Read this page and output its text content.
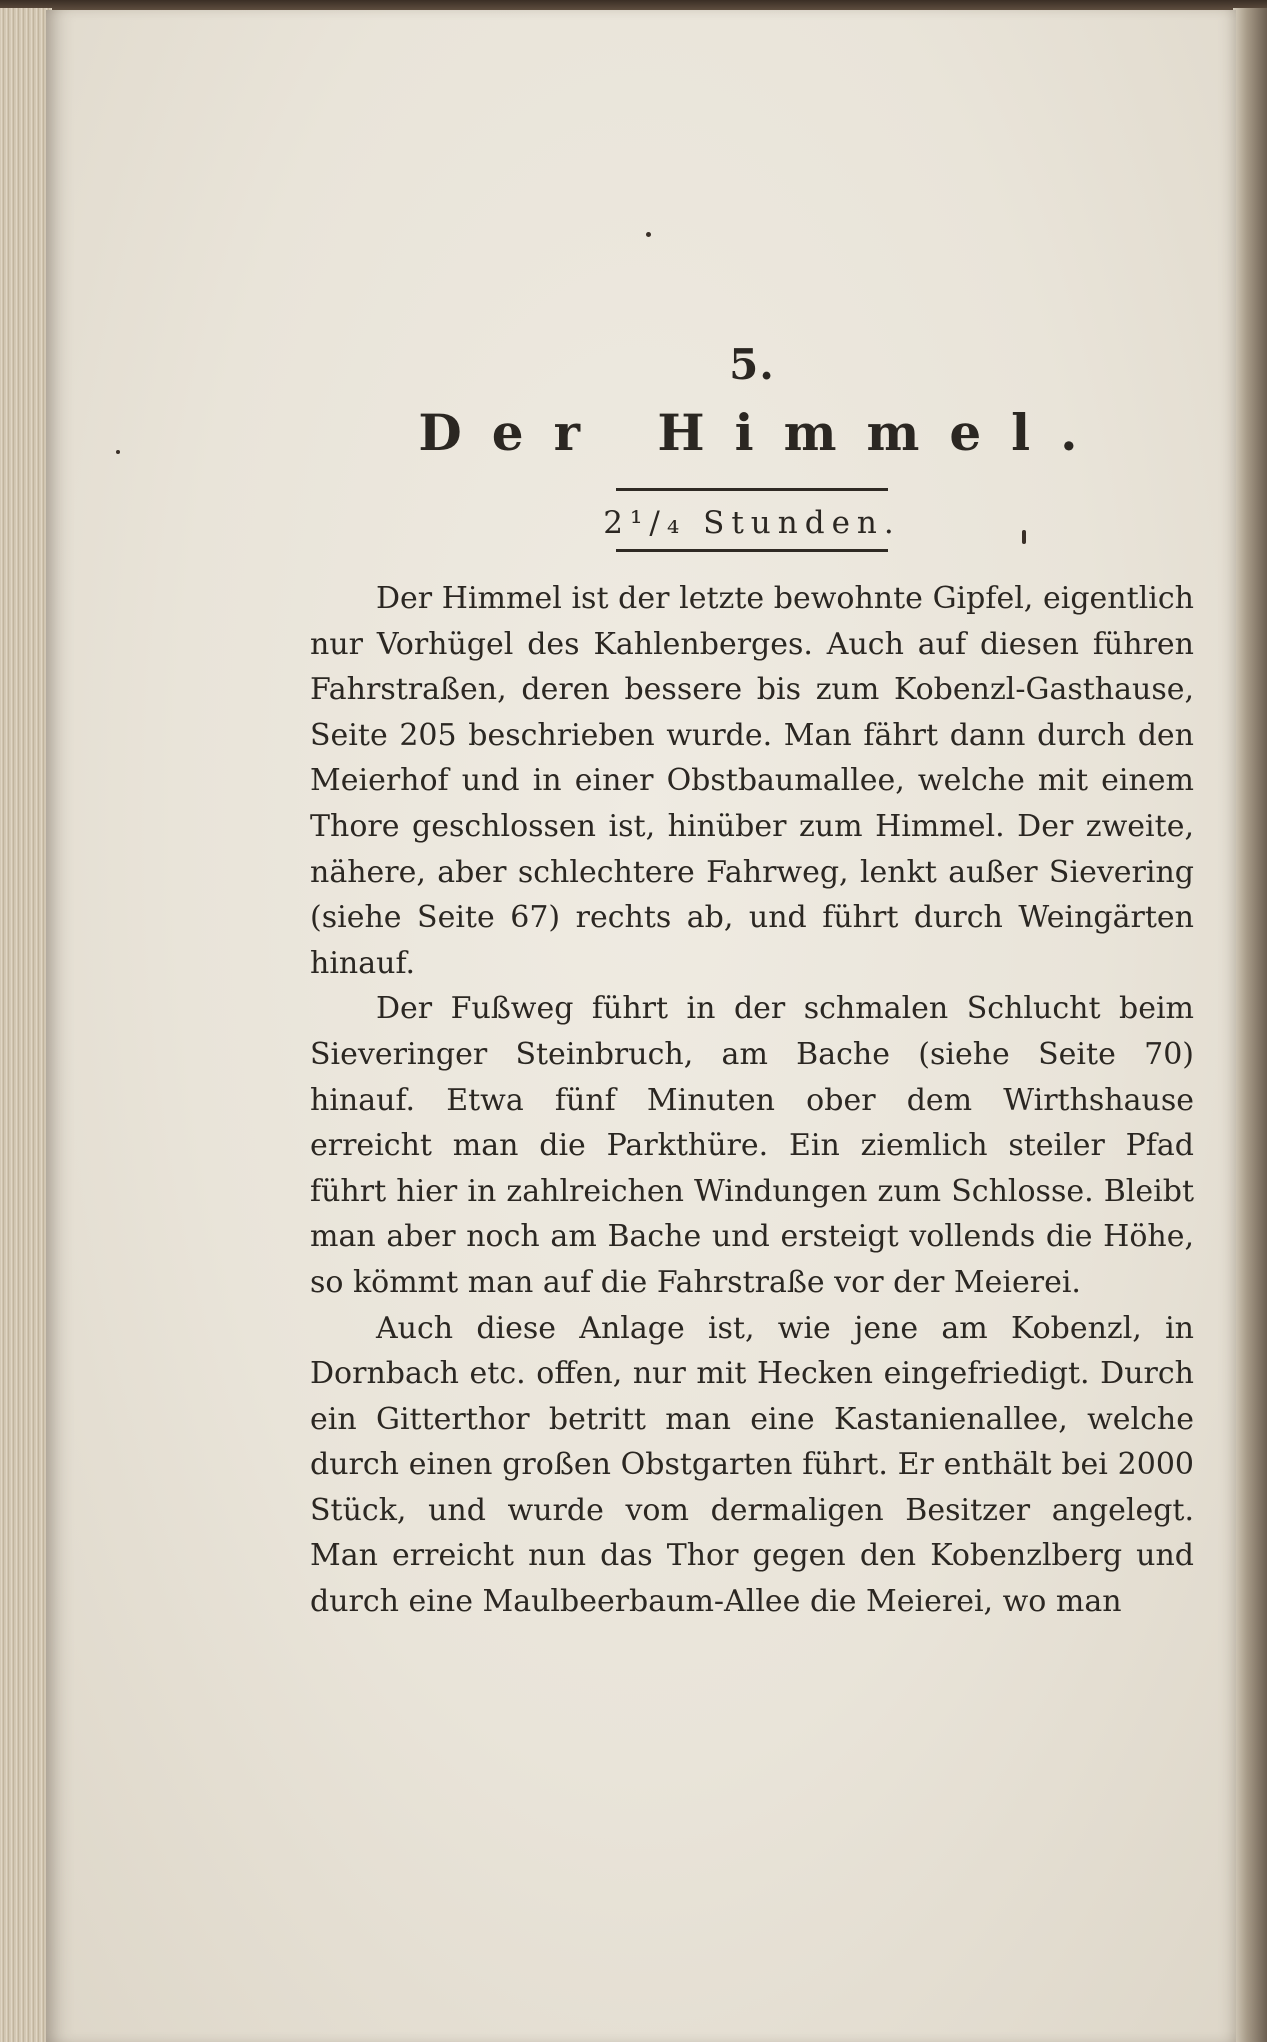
5.
Der Himmel.
2¹/₄ Stunden.

Der Himmel ist der letzte bewohnte Gipfel, eigentlich nur Vorhügel des Kahlenberges. Auch auf diesen führen Fahrstraßen, deren bessere bis zum Kobenzl-Gasthause, Seite 205 beschrieben wurde. Man fährt dann durch den Meierhof und in einer Obstbaumallee, welche mit einem Thore geschlossen ist, hinüber zum Himmel. Der zweite, nähere, aber schlechtere Fahrweg, lenkt außer Sievering (siehe Seite 67) rechts ab, und führt durch Weingärten hinauf.

Der Fußweg führt in der schmalen Schlucht beim Sieveringer Steinbruch, am Bache (siehe Seite 70) hinauf. Etwa fünf Minuten ober dem Wirthshause erreicht man die Parkthüre. Ein ziemlich steiler Pfad führt hier in zahlreichen Windungen zum Schlosse. Bleibt man aber noch am Bache und ersteigt vollends die Höhe, so kömmt man auf die Fahrstraße vor der Meierei.

Auch diese Anlage ist, wie jene am Kobenzl, in Dornbach etc. offen, nur mit Hecken eingefriedigt. Durch ein Gitterthor betritt man eine Kastanienallee, welche durch einen großen Obstgarten führt. Er enthält bei 2000 Stück, und wurde vom dermaligen Besitzer angelegt. Man erreicht nun das Thor gegen den Kobenzlberg und durch eine Maulbeerbaum-Allee die Meierei, wo man
